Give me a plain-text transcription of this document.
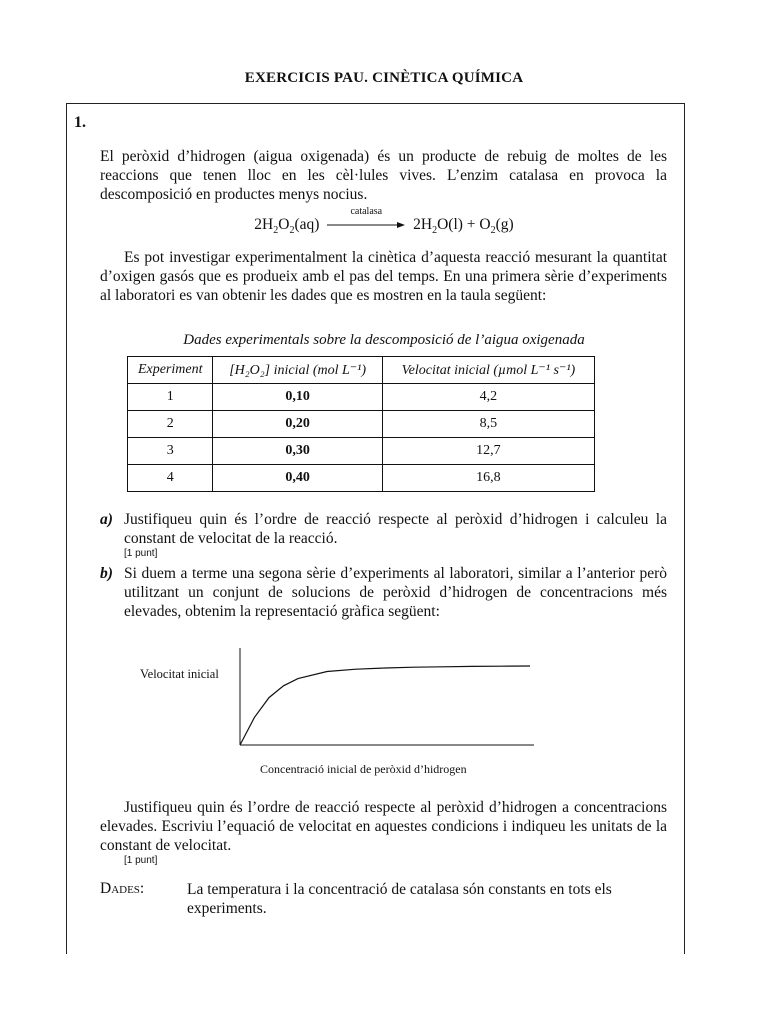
EXERCICIS PAU. CINÈTICA QUÍMICA
1.
El peròxid d’hidrogen (aigua oxigenada) és un producte de rebuig de moltes de les reaccions que tenen lloc en les cèl·lules vives. L’enzim catalasa en provoca la descomposició en productes menys nocius.
$2H_2O_2(aq)$
catalasa
$2H_2O(l) + O_2(g)$
Es pot investigar experimentalment la cinètica d’aquesta reacció mesurant la quantitat d’oxigen gasós que es produeix amb el pas del temps. En una primera sèrie d’experiments al laboratori es van obtenir les dades que es mostren en la taula següent:
Dades experimentals sobre la descomposició de l’aigua oxigenada
Experiment	[H₂O₂] inicial (mol L⁻¹)	Velocitat inicial (µmol L⁻¹ s⁻¹)
1	0,10	4,2
2	0,20	8,5
3	0,30	12,7
4	0,40	16,8
a) Justifiqueu quin és l’ordre de reacció respecte al peròxid d’hidrogen i calculeu la constant de velocitat de la reacció.
[1 punt]
b) Si duem a terme una segona sèrie d’experiments al laboratori, similar a l’anterior però utilitzant un conjunt de solucions de peròxid d’hidrogen de concentracions més elevades, obtenim la representació gràfica següent:
Velocitat inicial
Concentració inicial de peròxid d’hidrogen
Justifiqueu quin és l’ordre de reacció respecte al peròxid d’hidrogen a concentracions elevades. Escriviu l’equació de velocitat en aquestes condicions i indiqueu les unitats de la constant de velocitat.
[1 punt]
Dades:	La temperatura i la concentració de catalasa són constants en tots els experiments.
